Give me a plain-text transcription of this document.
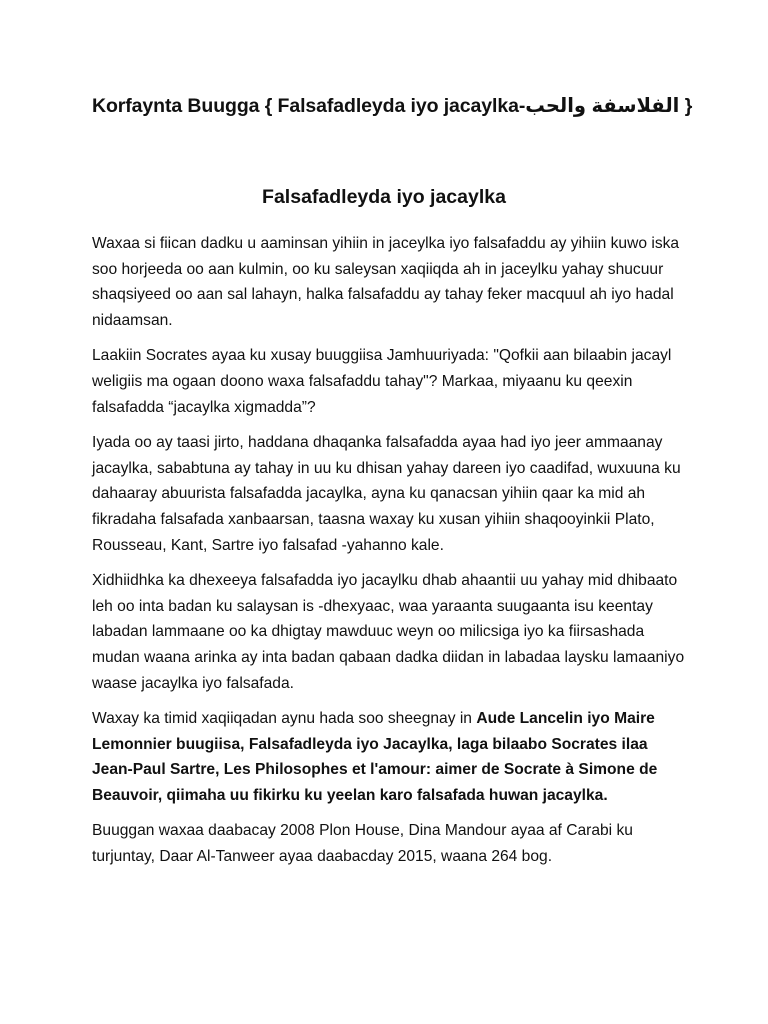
Korfaynta Buugga { Falsafadleyda iyo jacaylka-الفلاسفة والحب }
Falsafadleyda iyo jacaylka

Waxaa si fiican dadku u aaminsan yihiin in jaceylka iyo falsafaddu ay yihiin kuwo iska soo horjeeda oo aan kulmin, oo ku saleysan xaqiiqda ah in jaceylku yahay shucuur shaqsiyeed oo aan sal lahayn, halka falsafaddu ay tahay feker macquul ah iyo hadal nidaamsan.

Laakiin Socrates ayaa ku xusay buuggiisa Jamhuuriyada: "Qofkii aan bilaabin jacayl weligiis ma ogaan doono waxa falsafaddu tahay"? Markaa, miyaanu ku qeexin falsafadda “jacaylka xigmadda”?

Iyada oo ay taasi jirto, haddana dhaqanka falsafadda ayaa had iyo jeer ammaanay jacaylka, sababtuna ay tahay in uu ku dhisan yahay dareen iyo caadifad, wuxuuna ku dahaaray abuurista falsafadda jacaylka, ayna ku qanacsan yihiin qaar ka mid ah fikradaha falsafada xanbaarsan, taasna waxay ku xusan yihiin shaqooyinkii Plato, Rousseau, Kant, Sartre iyo falsafad -yahanno kale.

Xidhiidhka ka dhexeeya falsafadda iyo jacaylku dhab ahaantii uu yahay mid dhibaato leh oo inta badan ku salaysan is -dhexyaac, waa yaraanta suugaanta isu keentay labadan lammaane oo ka dhigtay mawduuc weyn oo milicsiga iyo ka fiirsashada mudan waana arinka ay inta badan qabaan dadka diidan in labadaa laysku lamaaniyo waase jacaylka iyo falsafada.

Waxay ka timid xaqiiqadan aynu hada soo sheegnay in Aude Lancelin iyo Maire Lemonnier buugiisa, Falsafadleyda iyo Jacaylka, laga bilaabo Socrates ilaa Jean-Paul Sartre, Les Philosophes et l'amour: aimer de Socrate à Simone de Beauvoir, qiimaha uu fikirku ku yeelan karo falsafada huwan jacaylka.

Buuggan waxaa daabacay 2008 Plon House, Dina Mandour ayaa af Carabi ku turjuntay, Daar Al-Tanweer ayaa daabacday 2015, waana 264 bog.
